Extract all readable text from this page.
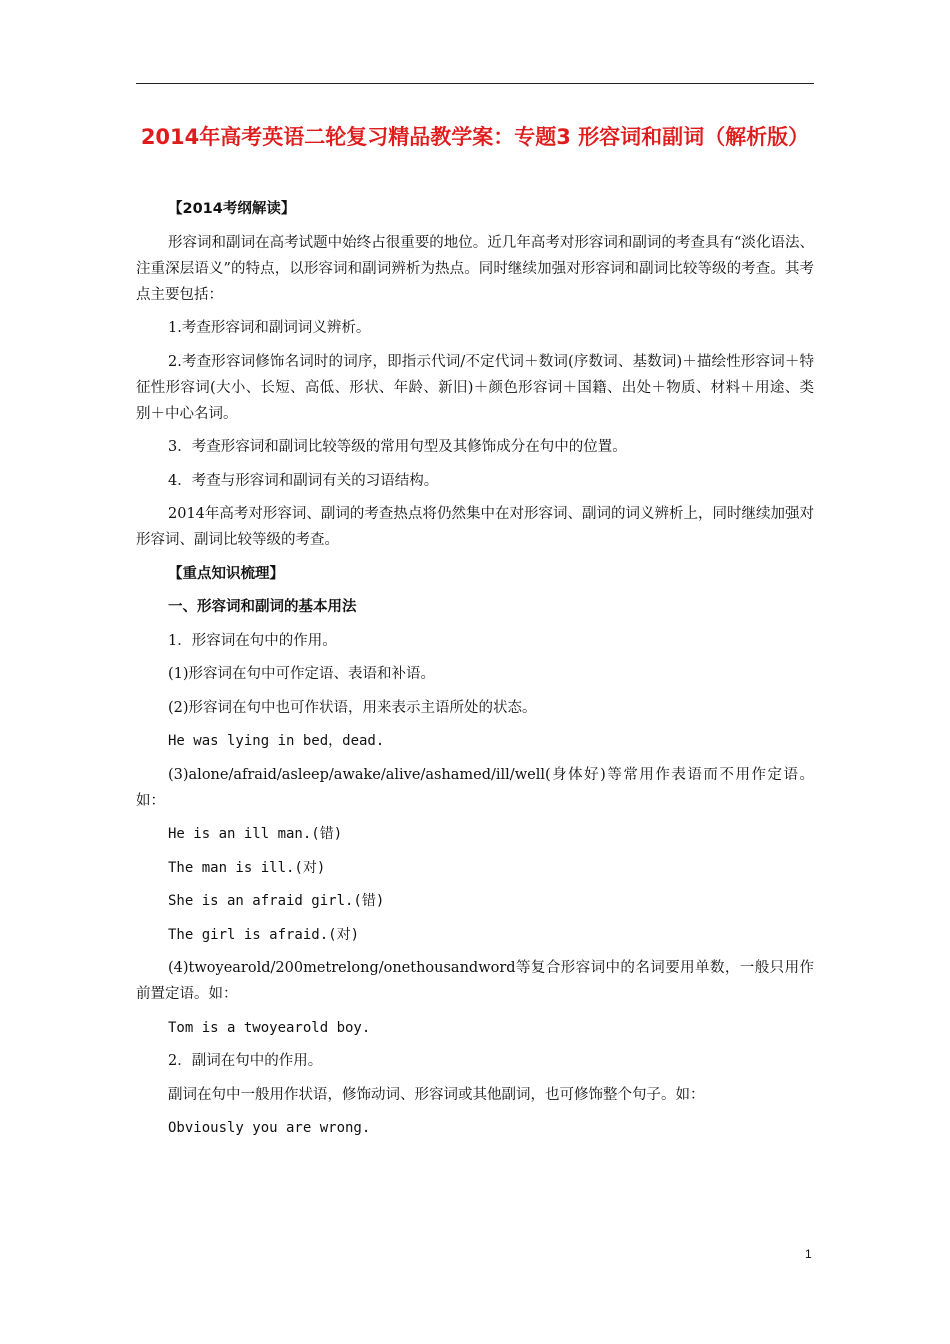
2014年高考英语二轮复习精品教学案：专题3 形容词和副词（解析版）

【2014考纲解读】

形容词和副词在高考试题中始终占很重要的地位。近几年高考对形容词和副词的考查具有“淡化语法、注重深层语义”的特点，以形容词和副词辨析为热点。同时继续加强对形容词和副词比较等级的考查。其考点主要包括：

1.考查形容词和副词词义辨析。

2.考查形容词修饰名词时的词序，即指示代词/不定代词＋数词(序数词、基数词)＋描绘性形容词＋特征性形容词(大小、长短、高低、形状、年龄、新旧)＋颜色形容词＋国籍、出处＋物质、材料＋用途、类别＋中心名词。

3．考查形容词和副词比较等级的常用句型及其修饰成分在句中的位置。

4．考查与形容词和副词有关的习语结构。

2014年高考对形容词、副词的考查热点将仍然集中在对形容词、副词的词义辨析上，同时继续加强对形容词、副词比较等级的考查。

【重点知识梳理】

一、形容词和副词的基本用法

1．形容词在句中的作用。

(1)形容词在句中可作定语、表语和补语。

(2)形容词在句中也可作状语，用来表示主语所处的状态。

He was lying in bed，dead.

(3)alone/afraid/asleep/awake/alive/ashamed/ill/well(身体好)等常用作表语而不用作定语。如：

He is an ill man.(错)

The man is ill.(对)

She is an afraid girl.(错)

The girl is afraid.(对)

(4)twoyearold/200metrelong/onethousandword等复合形容词中的名词要用单数，一般只用作前置定语。如：

Tom is a twoyearold boy.

2．副词在句中的作用。

副词在句中一般用作状语，修饰动词、形容词或其他副词，也可修饰整个句子。如：

Obviously you are wrong.

1
